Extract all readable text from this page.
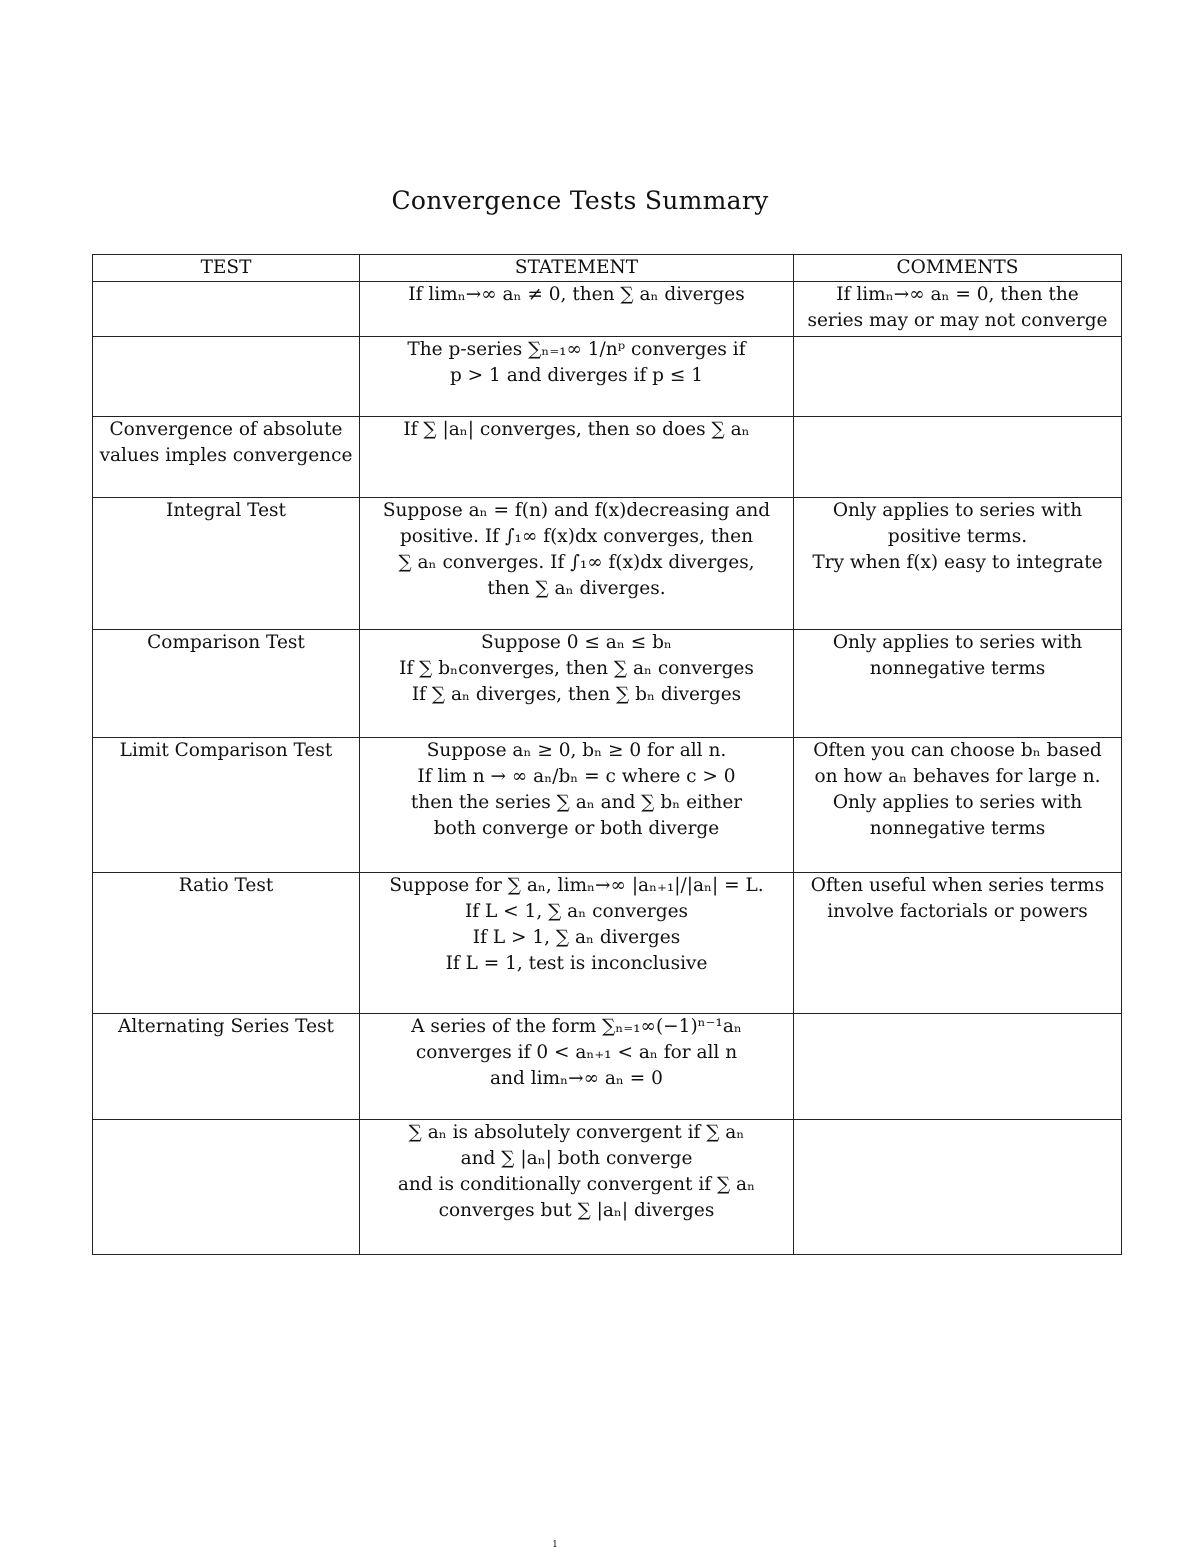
Convergence Tests Summary
TEST	STATEMENT	COMMENTS

	If limₙ→∞ aₙ ≠ 0, then ∑ aₙ diverges	If limₙ→∞ aₙ = 0, then the
series may or may not converge

	The p-series ∑ₙ₌₁∞ 1/nᵖ converges if
p > 1 and diverges if p ≤ 1	

Convergence of absolute values imples convergence	If ∑ |aₙ| converges, then so does ∑ aₙ	

Integral Test	Suppose aₙ = f(n) and f(x)decreasing and
positive. If ∫₁∞ f(x)dx converges, then
∑ aₙ converges. If ∫₁∞ f(x)dx diverges,
then ∑ aₙ diverges.	Only applies to series with
positive terms.
Try when f(x) easy to integrate

Comparison Test	Suppose 0 ≤ aₙ ≤ bₙ
If ∑ bₙconverges, then ∑ aₙ converges
If ∑ aₙ diverges, then ∑ bₙ diverges	Only applies to series with
nonnegative terms

Limit Comparison Test	Suppose aₙ ≥ 0, bₙ ≥ 0 for all n.
If lim n → ∞ aₙ/bₙ = c where c > 0
then the series ∑ aₙ and ∑ bₙ either
both converge or both diverge	Often you can choose bₙ based
on how aₙ behaves for large n.
Only applies to series with
nonnegative terms

Ratio Test	Suppose for ∑ aₙ, limₙ→∞ |aₙ₊₁|/|aₙ| = L.
If L < 1, ∑ aₙ converges
If L > 1, ∑ aₙ diverges
If L = 1, test is inconclusive	Often useful when series terms
involve factorials or powers

Alternating Series Test	A series of the form ∑ₙ₌₁∞(−1)ⁿ⁻¹aₙ
converges if 0 < aₙ₊₁ < aₙ for all n
and limₙ→∞ aₙ = 0	

	∑ aₙ is absolutely convergent if ∑ aₙ
and ∑ |aₙ| both converge
and is conditionally convergent if ∑ aₙ
converges but ∑ |aₙ| diverges	

1
